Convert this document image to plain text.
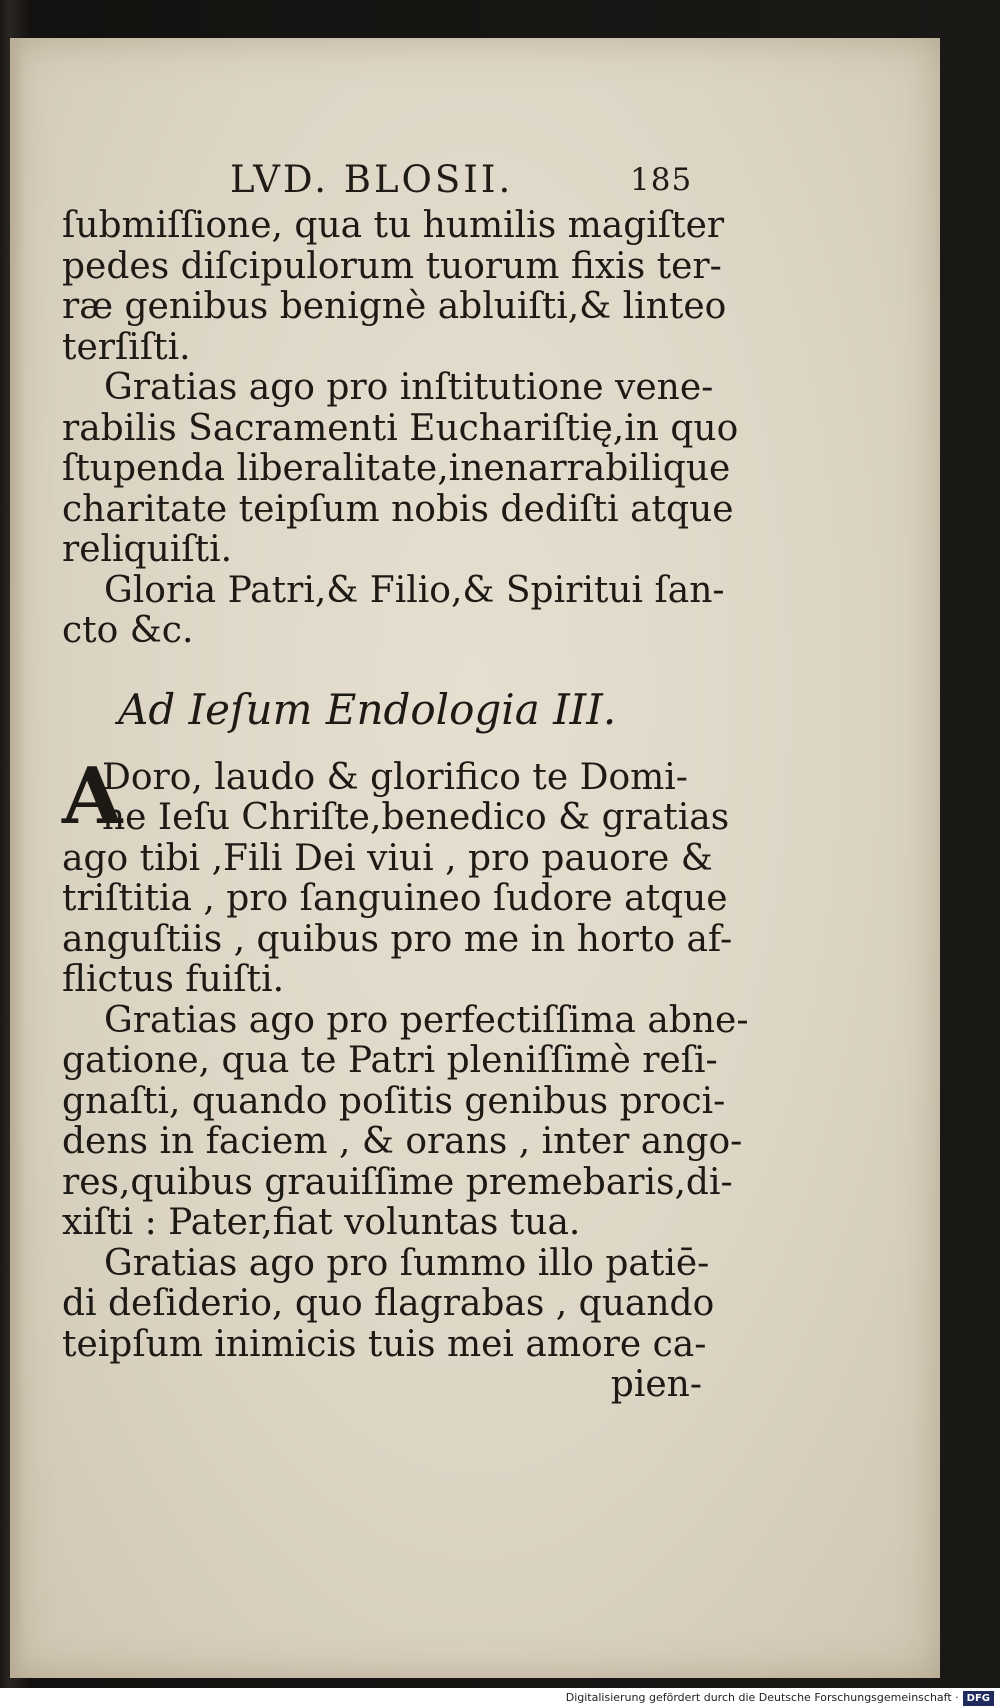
LVD. BLOSII.	185
ſubmiſſione, qua tu humilis magiſter
pedes diſcipulorum tuorum fixis ter-
ræ genibus benignè abluiſti,& linteo
terſiſti.
Gratias ago pro inſtitutione vene-
rabilis Sacramenti Euchariſtię,in quo
ſtupenda liberalitate,inenarrabilique
charitate teipſum nobis dediſti atque
reliquiſti.
Gloria Patri,& Filio,& Spiritui ſan-
cto &c.
Ad Ieſum Endologia III.
A
Doro, laudo & glorifico te Domi-
ne Ieſu Chriſte,benedico & gratias
ago tibi ,Fili Dei viui , pro pauore &
triſtitia , pro ſanguineo ſudore atque
anguſtiis , quibus pro me in horto af-
flictus fuiſti.
Gratias ago pro perfectiſſima abne-
gatione, qua te Patri pleniſſimè reſi-
gnaſti, quando poſitis genibus proci-
dens in faciem , & orans , inter ango-
res,quibus grauiſſime premebaris,di-
xiſti : Pater,fiat voluntas tua.
Gratias ago pro ſummo illo patiē-
di deſiderio, quo flagrabas , quando
teipſum inimicis tuis mei amore ca-
pien-
Digitalisierung gefördert durch die Deutsche Forschungsgemeinschaft · DFG
